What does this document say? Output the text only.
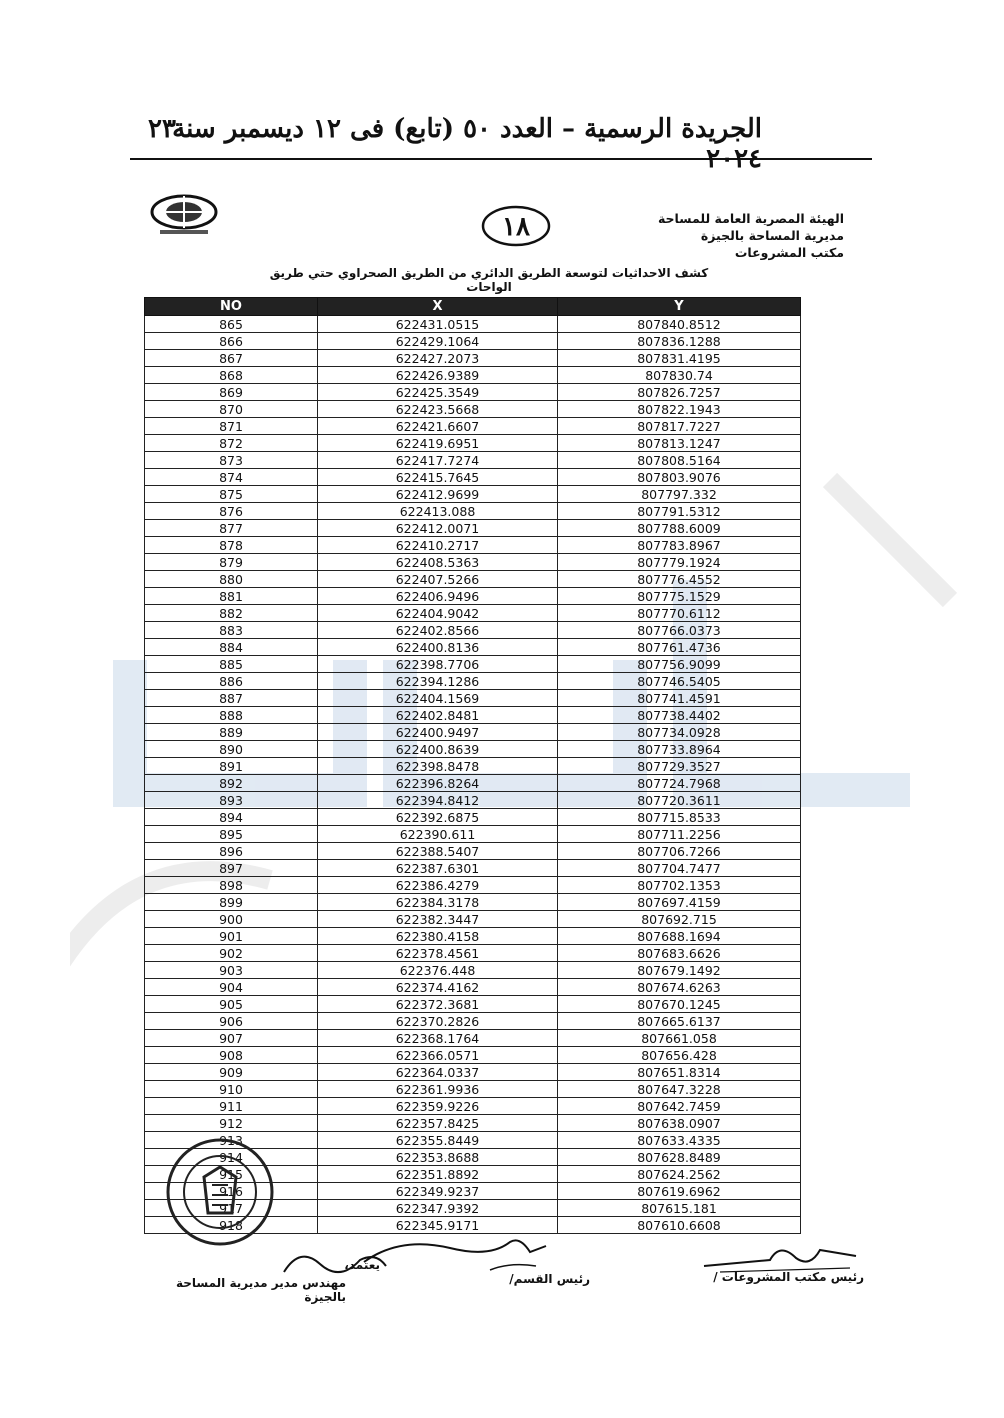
الجريدة الرسمية – العدد ٥٠ (تابع) فى ١٢ ديسمبر سنة ٢٠٢٤
٢٣
١٨	الهيئة المصرية العامة للمساحة
مديرية المساحة بالجيزة
مكتب المشروعات
كشف الاحداثيات لتوسعة الطريق الدائري من الطريق الصحراوي حتي طريق الواحات
NO	X	Y
865	622431.0515	807840.8512
866	622429.1064	807836.1288
867	622427.2073	807831.4195
868	622426.9389	807830.74
869	622425.3549	807826.7257
870	622423.5668	807822.1943
871	622421.6607	807817.7227
872	622419.6951	807813.1247
873	622417.7274	807808.5164
874	622415.7645	807803.9076
875	622412.9699	807797.332
876	622413.088	807791.5312
877	622412.0071	807788.6009
878	622410.2717	807783.8967
879	622408.5363	807779.1924
880	622407.5266	807776.4552
881	622406.9496	807775.1529
882	622404.9042	807770.6112
883	622402.8566	807766.0373
884	622400.8136	807761.4736
885	622398.7706	807756.9099
886	622394.1286	807746.5405
887	622404.1569	807741.4591
888	622402.8481	807738.4402
889	622400.9497	807734.0928
890	622400.8639	807733.8964
891	622398.8478	807729.3527
892	622396.8264	807724.7968
893	622394.8412	807720.3611
894	622392.6875	807715.8533
895	622390.611	807711.2256
896	622388.5407	807706.7266
897	622387.6301	807704.7477
898	622386.4279	807702.1353
899	622384.3178	807697.4159
900	622382.3447	807692.715
901	622380.4158	807688.1694
902	622378.4561	807683.6626
903	622376.448	807679.1492
904	622374.4162	807674.6263
905	622372.3681	807670.1245
906	622370.2826	807665.6137
907	622368.1764	807661.058
908	622366.0571	807656.428
909	622364.0337	807651.8314
910	622361.9936	807647.3228
911	622359.9226	807642.7459
912	622357.8425	807638.0907
913	622355.8449	807633.4335
914	622353.8688	807628.8489
915	622351.8892	807624.2562
916	622349.9237	807619.6962
917	622347.9392	807615.181
918	622345.9171	807610.6608
يعتمد،
مهندس مدير مديرية المساحة بالجيزة
رئيس القسم/	رئيس مكتب المشروعات /
